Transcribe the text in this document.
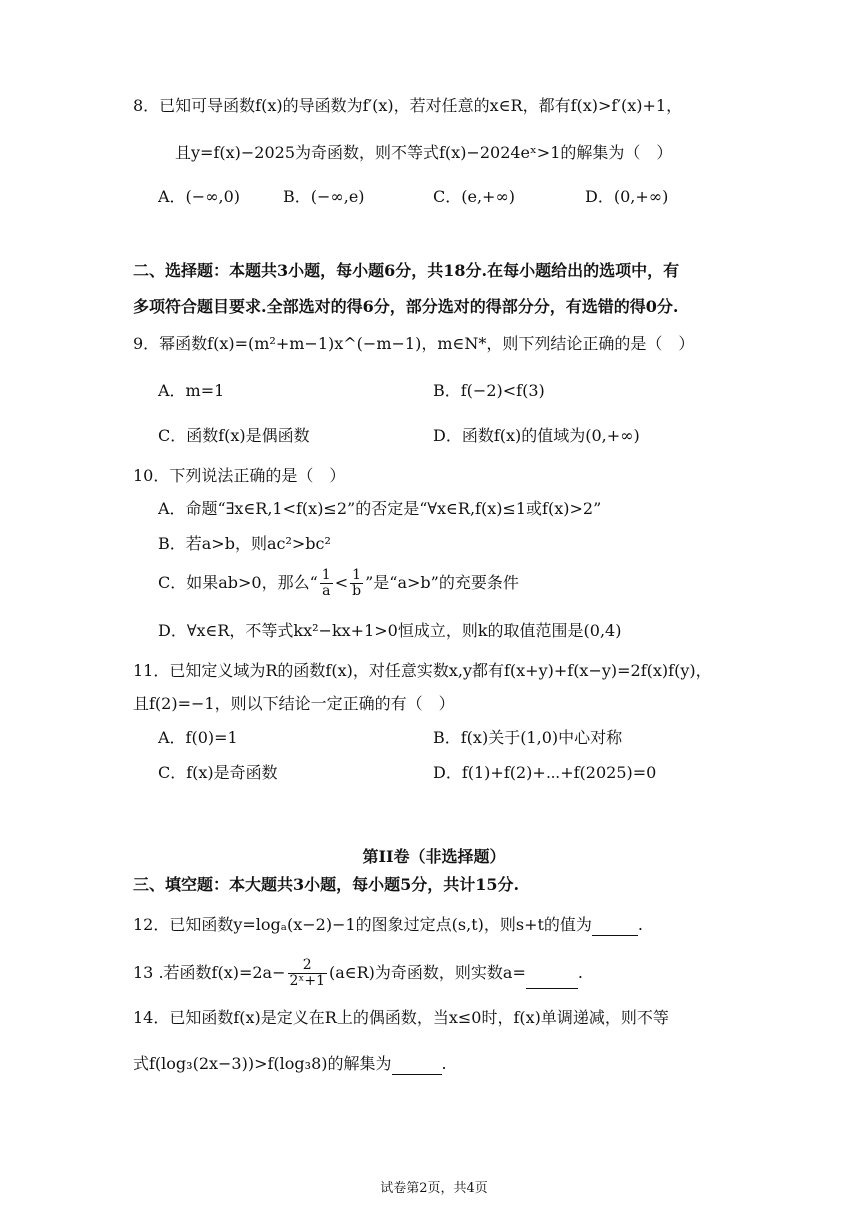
8．已知可导函数f(x)的导函数为f′(x)，若对任意的x∈R，都有f(x)>f′(x)+1，
且y=f(x)−2025为奇函数，则不等式f(x)−2024eˣ>1的解集为（　）
A．(−∞,0)	B．(−∞,e)	C．(e,+∞)	D．(0,+∞)
二、选择题：本题共3小题，每小题6分，共18分.在每小题给出的选项中，有
多项符合题目要求.全部选对的得6分，部分选对的得部分分，有选错的得0分.
9．幂函数f(x)=(m²+m−1)x^(−m−1)，m∈N*，则下列结论正确的是（　）
A．m=1	B．f(−2)<f(3)
C．函数f(x)是偶函数	D．函数f(x)的值域为(0,+∞)
10．下列说法正确的是（　）
A．命题“∃x∈R,1<f(x)≤2”的否定是“∀x∈R,f(x)≤1或f(x)>2”
B．若a>b，则ac²>bc²
C．如果ab>0，那么“ $\frac{1}{a} < \frac{1}{b}$ ”是“a>b”的充要条件
D．∀x∈R，不等式kx²−kx+1>0恒成立，则k的取值范围是(0,4)
11．已知定义域为R的函数f(x)，对任意实数x,y都有f(x+y)+f(x−y)=2f(x)f(y)，
且f(2)=−1，则以下结论一定正确的有（　）
A．f(0)=1	B．f(x)关于(1,0)中心对称
C．f(x)是奇函数	D．f(1)+f(2)+⋯+f(2025)=0
第II卷（非选择题）
三、填空题：本大题共3小题，每小题5分，共计15分.
12．已知函数y=logₐ(x−2)−1的图象过定点(s,t)，则s+t的值为	.
13 .若函数$f(x)=2a- \frac{2}{\text{2ˣ+1}}$ (a∈R)为奇函数，则实数a=	.
14．已知函数f(x)是定义在R上的偶函数，当x≤0时，f(x)单调递减，则不等
式f(log₃(2x−3))>f(log₃8)的解集为	.
试卷第2页，共4页
